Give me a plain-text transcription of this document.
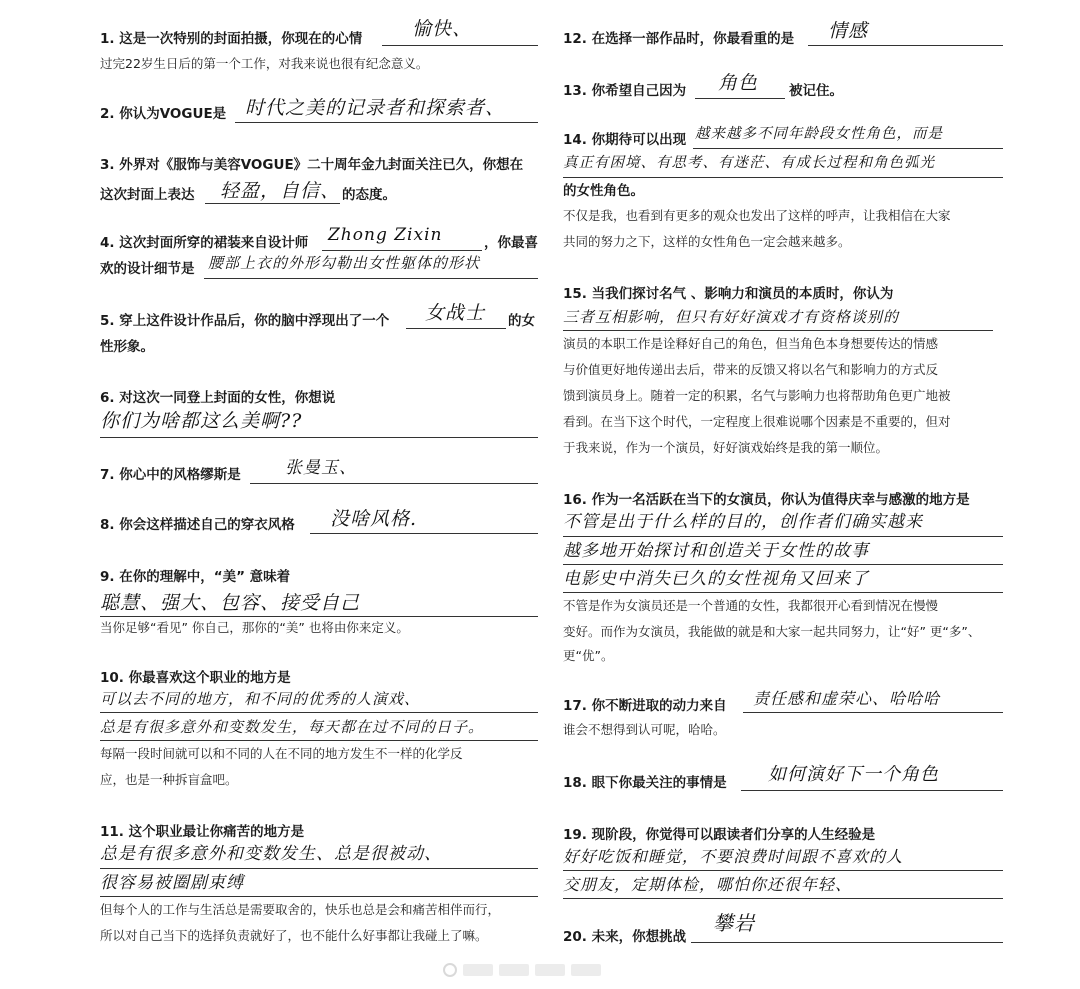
1. 这是一次特别的封面拍摄，你现在的心情	愉快、
过完22岁生日后的第一个工作，对我来说也很有纪念意义。
2. 你认为VOGUE是 时代之美的记录者和探索者、
3. 外界对《服饰与美容VOGUE》二十周年金九封面关注已久，你想在
这次封面上表达 轻盈，自信、 的态度。
4. 这次封面所穿的裙装来自设计师 Zhong Zixin	，你最喜
欢的设计细节是 腰部上衣的外形勾勒出女性躯体的形状
5. 穿上这件设计作品后，你的脑中浮现出了一个 女战士 的女
性形象。
6. 对这次一同登上封面的女性，你想说
你们为啥都这么美啊??
7. 你心中的风格缪斯是	张曼玉、
8. 你会这样描述自己的穿衣风格 没啥风格.
9. 在你的理解中，“美” 意味着
聪慧、强大、包容、接受自己
当你足够“看见” 你自己，那你的“美” 也将由你来定义。
10. 你最喜欢这个职业的地方是
可以去不同的地方，和不同的优秀的人演戏、
总是有很多意外和变数发生，每天都在过不同的日子。
每隔一段时间就可以和不同的人在不同的地方发生不一样的化学反
应，也是一种拆盲盒吧。
11. 这个职业最让你痛苦的地方是
总是有很多意外和变数发生、总是很被动、
很容易被圈剧束缚
但每个人的工作与生活总是需要取舍的，快乐也总是会和痛苦相伴而行，
所以对自己当下的选择负责就好了，也不能什么好事都让我碰上了嘛。
12. 在选择一部作品时，你最看重的是 情感
13. 你希望自己因为 角色 被记住。
14. 你期待可以出现 越来越多不同年龄段女性角色，而是
真正有困境、有思考、有迷茫、有成长过程和角色弧光
的女性角色。
不仅是我，也看到有更多的观众也发出了这样的呼声，让我相信在大家
共同的努力之下，这样的女性角色一定会越来越多。
15. 当我们探讨名气 、影响力和演员的本质时，你认为
三者互相影响，但只有好好演戏才有资格谈别的
演员的本职工作是诠释好自己的角色，但当角色本身想要传达的情感
与价值更好地传递出去后，带来的反馈又将以名气和影响力的方式反
馈到演员身上。随着一定的积累，名气与影响力也将帮助角色更广地被
看到。在当下这个时代，一定程度上很难说哪个因素是不重要的，但对
于我来说，作为一个演员，好好演戏始终是我的第一顺位。
16. 作为一名活跃在当下的女演员，你认为值得庆幸与感激的地方是
不管是出于什么样的目的，创作者们确实越来
越多地开始探讨和创造关于女性的故事
电影史中消失已久的女性视角又回来了
不管是作为女演员还是一个普通的女性，我都很开心看到情况在慢慢
变好。而作为女演员，我能做的就是和大家一起共同努力，让“好” 更“多”、
更“优”。
17. 你不断进取的动力来自 责任感和虚荣心、哈哈哈
谁会不想得到认可呢，哈哈。
18. 眼下你最关注的事情是 如何演好下一个角色
19. 现阶段，你觉得可以跟读者们分享的人生经验是
好好吃饭和睡觉，不要浪费时间跟不喜欢的人
交朋友，定期体检，哪怕你还很年轻、
20. 未来，你想挑战
攀岩
